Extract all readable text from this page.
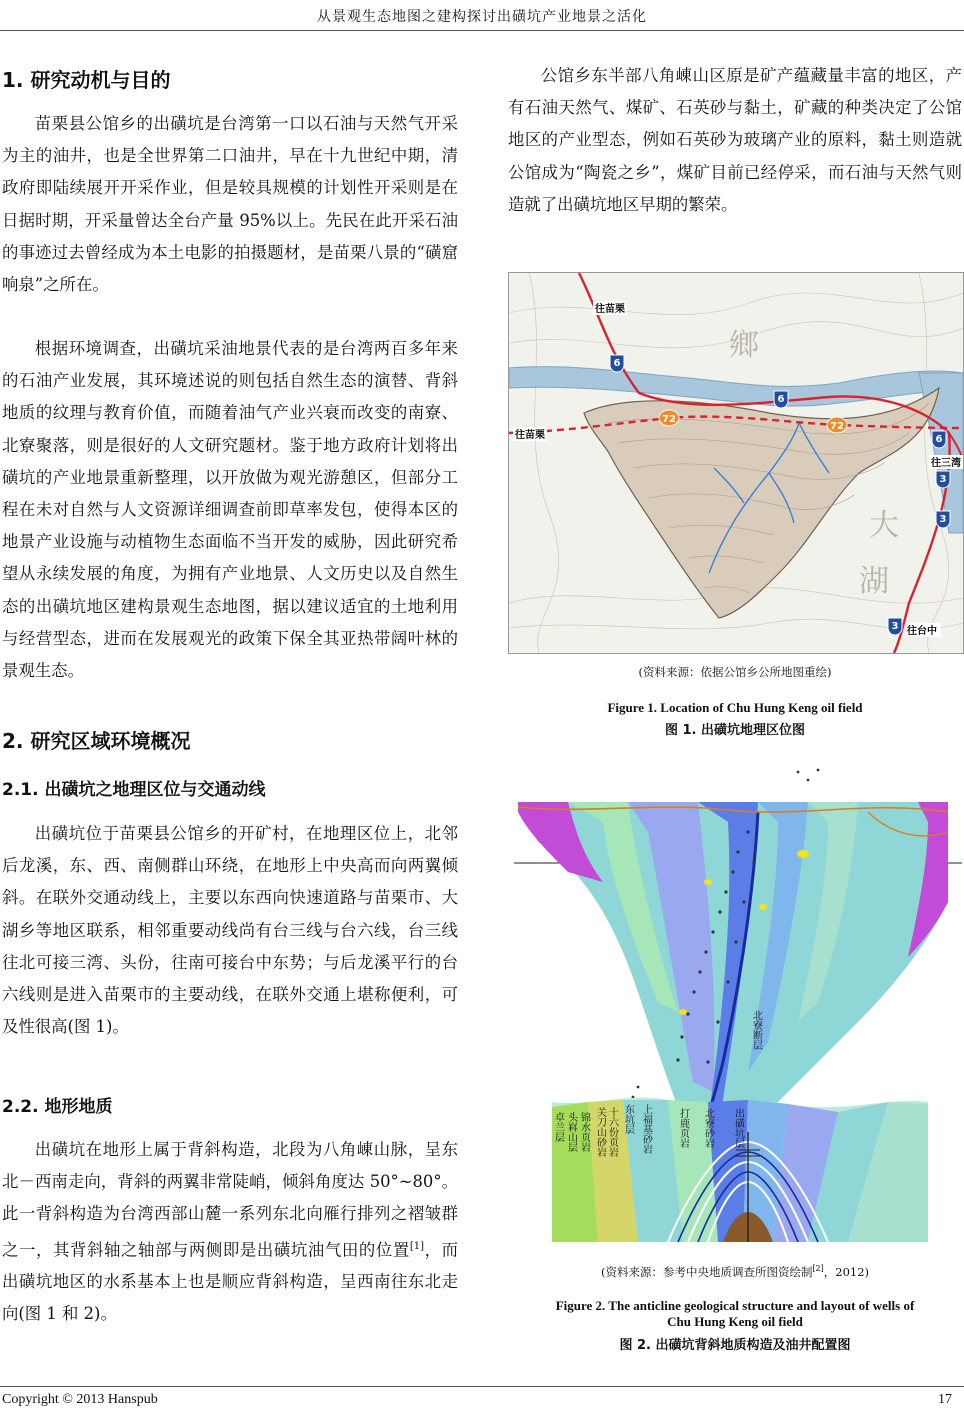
从景观生态地图之建构探讨出磺坑产业地景之活化
1. 研究动机与目的

苗栗县公馆乡的出磺坑是台湾第一口以石油与天然气开采为主的油井，也是全世界第二口油井，早在十九世纪中期，清政府即陆续展开开采作业，但是较具规模的计划性开采则是在日据时期，开采量曾达全台产量 95%以上。先民在此开采石油的事迹过去曾经成为本土电影的拍摄题材，是苗栗八景的“磺窟响泉”之所在。

根据环境调查，出磺坑采油地景代表的是台湾两百多年来的石油产业发展，其环境述说的则包括自然生态的演替、背斜地质的纹理与教育价值，而随着油气产业兴衰而改变的南寮、北寮聚落，则是很好的人文研究题材。鉴于地方政府计划将出磺坑的产业地景重新整理，以开放做为观光游憩区，但部分工程在未对自然与人文资源详细调查前即草率发包，使得本区的地景产业设施与动植物生态面临不当开发的威胁，因此研究希望从永续发展的角度，为拥有产业地景、人文历史以及自然生态的出磺坑地区建构景观生态地图，据以建议适宜的土地利用与经营型态，进而在发展观光的政策下保全其亚热带阔叶林的景观生态。

2. 研究区域环境概况
2.1. 出磺坑之地理区位与交通动线

出磺坑位于苗栗县公馆乡的开矿村，在地理区位上，北邻后龙溪，东、西、南侧群山环绕，在地形上中央高而向两翼倾斜。在联外交通动线上，主要以东西向快速道路与苗栗市、大湖乡等地区联系，相邻重要动线尚有台三线与台六线，台三线往北可接三湾、头份，往南可接台中东势；与后龙溪平行的台六线则是进入苗栗市的主要动线，在联外交通上堪称便利，可及性很高(图 1)。

2.2. 地形地质

出磺坑在地形上属于背斜构造，北段为八角崠山脉，呈东北－西南走向，背斜的两翼非常陡峭，倾斜角度达 50°~80°。此一背斜构造为台湾西部山麓一系列东北向雁行排列之褶皱群之一，其背斜轴之轴部与两侧即是出磺坑油气田的位置[1]，而出磺坑地区的水系基本上也是顺应背斜构造，呈西南往东北走向(图 1 和 2)。

公馆乡东半部八角崠山区原是矿产蕴藏量丰富的地区，产有石油天然气、煤矿、石英砂与黏土，矿藏的种类决定了公馆地区的产业型态，例如石英砂为玻璃产业的原料，黏土则造就公馆成为“陶瓷之乡”，煤矿目前已经停采，而石油与天然气则造就了出磺坑地区早期的繁荣。

6
6
6
72
72
3
3
3
往苗栗
往苗栗
往三湾
往台中
鄉
大
湖
(资料来源：依据公馆乡公所地图重绘)
Figure 1. Location of Chu Hung Keng oil field
图 1. 出磺坑地理区位图
北寮断层
卓兰层 头嵙山层 锦水页岩 关刀山砂岩 十六份页岩 东坑层 上福基砂岩	打鹿页岩 北寮砂岩 出磺坑层
(资料来源：参考中央地质调查所图资绘制[2]，2012)
Figure 2. The anticline geological structure and layout of wells of
Chu Hung Keng oil field
图 2. 出磺坑背斜地质构造及油井配置图
Copyright © 2013 Hanspub	17
